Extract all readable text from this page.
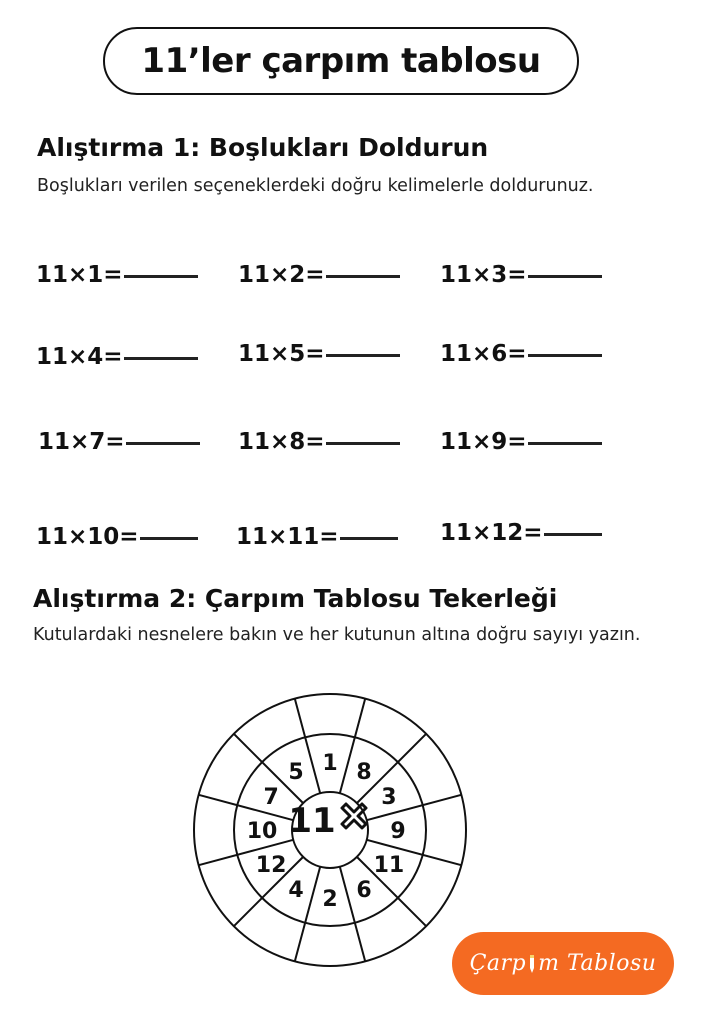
11’ler çarpım tablosu
Alıştırma 1: Boşlukları Doldurun
Boşlukları verilen seçeneklerdeki doğru kelimelerle doldurunuz.
11×1=	11×2=	11×3=
11×4=	11×5=	11×6=
11×7=	11×8=	11×9=
11×10=	11×11=	11×12=
Alıştırma 2: Çarpım Tablosu Tekerleği
Kutulardaki nesnelere bakın ve her kutunun altına doğru sayıyı yazın.
1 8
3
9
11
6
2
4
12
10
7
5
11
Çarp m Tablosu
